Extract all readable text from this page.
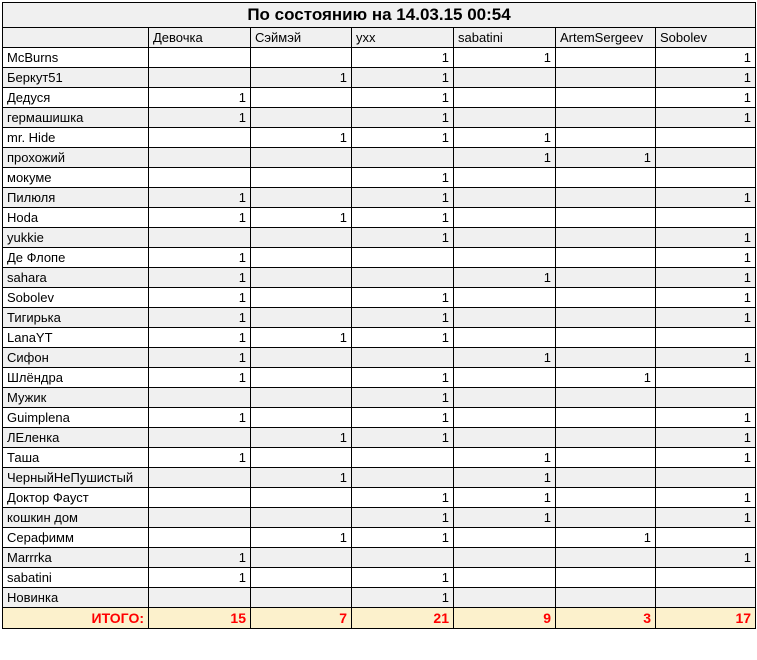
По состоянию на 14.03.15 00:54						
	Девочка	Сэймэй	ухх	sabatini	ArtemSergeev	Sobolev
McBurns			1	1		1
Беркут51		1	1			1
Дедуся	1		1			1
гермашишка	1		1			1
mr. Hide		1	1	1		
прохожий				1	1	
мокуме			1			
Пилюля	1		1			1
Hoda	1	1	1			
yukkie			1			1
Де Флопе	1					1
sahara	1			1		1
Sobolev	1		1			1
Тигирька	1		1			1
LanaYT	1	1	1			
Сифон	1			1		1
Шлёндра	1		1		1	
Мужик			1			
Guimplena	1		1			1
ЛЕленка		1	1			1
Таша	1			1		1
ЧерныйНеПушистый		1		1		
Доктор Фауст			1	1		1
кошкин дом			1	1		1
Серафимм		1	1		1	
Marrrka	1					1
sabatini	1		1			
Новинка			1			
ИТОГО:	15	7	21	9	3	17
